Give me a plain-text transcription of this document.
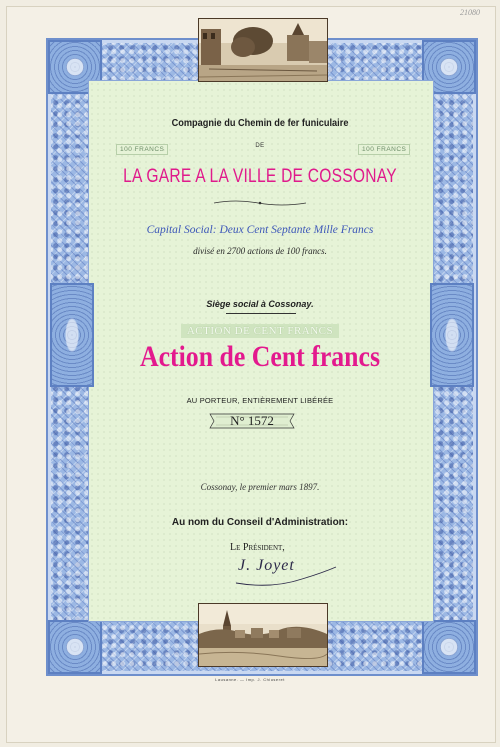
21080
100 FRANCS	100 FRANCS
Compagnie du Chemin de fer funiculaire
DE
LA GARE A LA VILLE DE COSSONAY
Capital Social: Deux Cent Septante Mille Francs
divisé en 2700 actions de 100 francs.
Siège social à Cossonay.
ACTION DE CENT FRANCS
Action de Cent francs
AU PORTEUR, ENTIÈREMENT LIBÉRÉE
N° 1572
Cossonay, le premier mars 1897.
Au nom du Conseil d'Administration:
Le Président,
J. Joyet
Lausanne. — Imp. J. Chiuseret
